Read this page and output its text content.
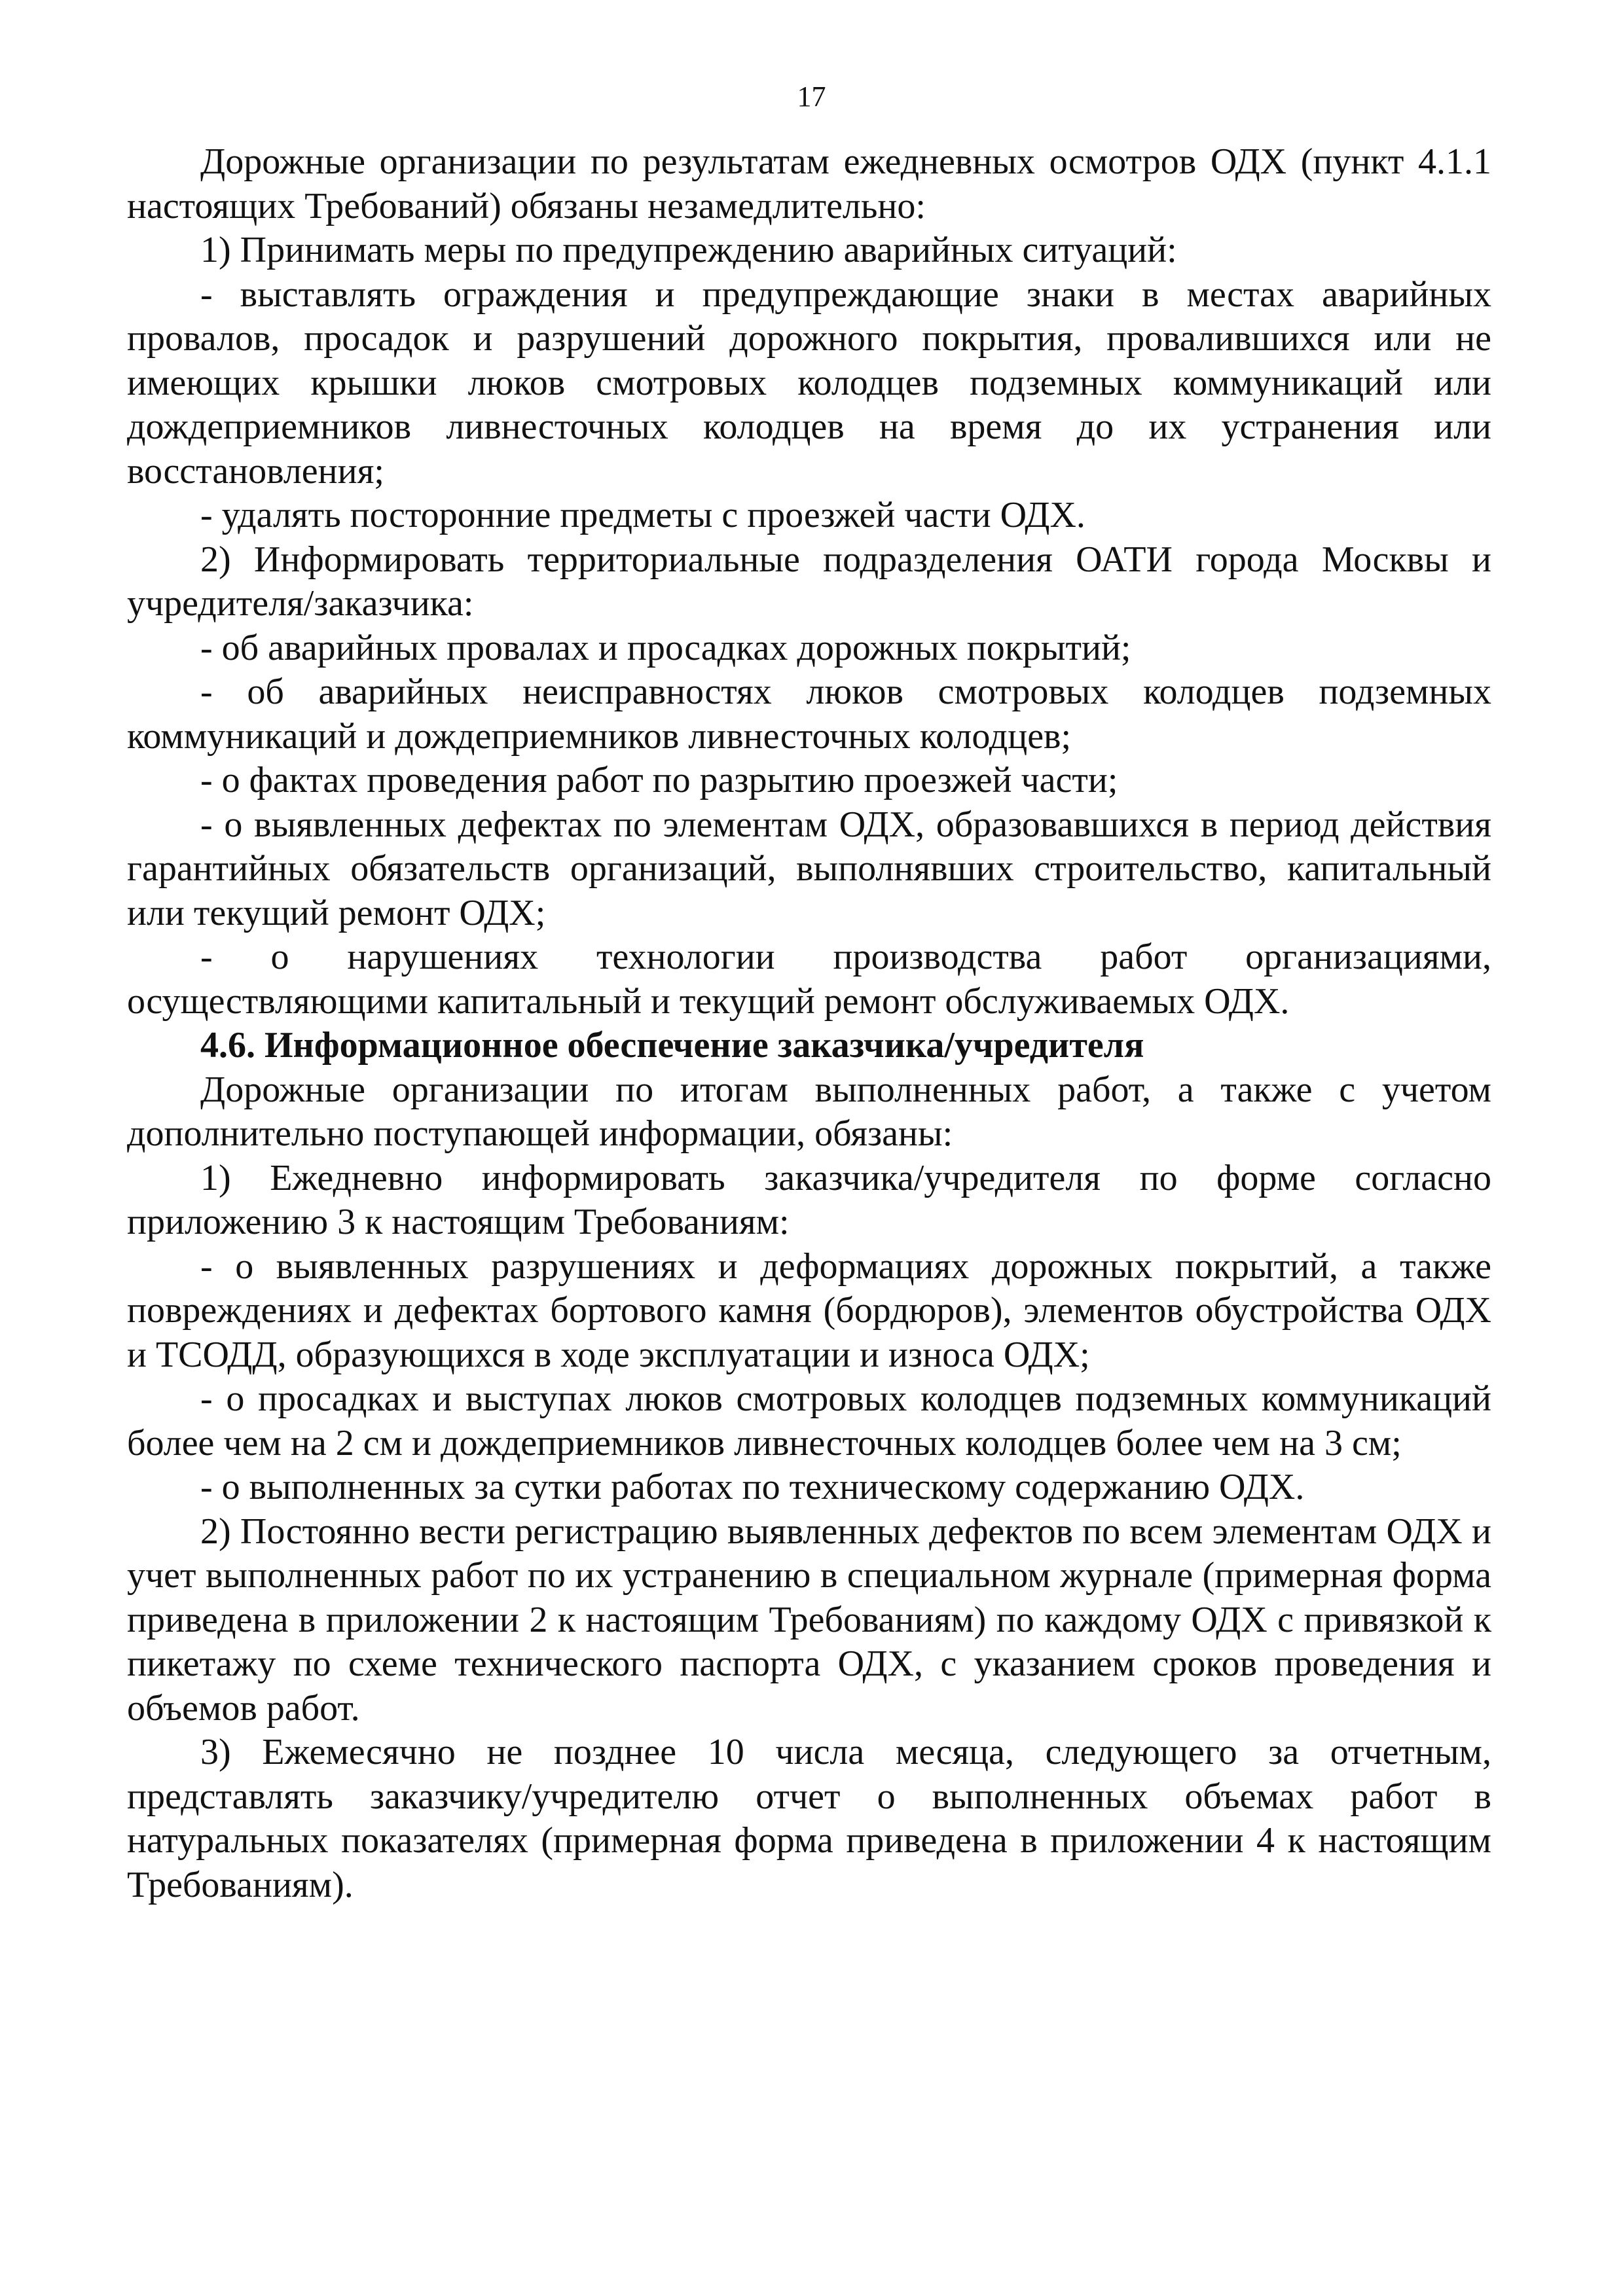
17

Дорожные организации по результатам ежедневных осмотров ОДХ (пункт 4.1.1 настоящих Требований) обязаны незамедлительно:

1) Принимать меры по предупреждению аварийных ситуаций:

- выставлять ограждения и предупреждающие знаки в местах аварийных провалов, просадок и разрушений дорожного покрытия, провалившихся или не имеющих крышки люков смотровых колодцев подземных коммуникаций или дождеприемников ливнесточных колодцев на время до их устранения или восстановления;

- удалять посторонние предметы с проезжей части ОДХ.

2) Информировать территориальные подразделения ОАТИ города Москвы и учредителя/заказчика:

- об аварийных провалах и просадках дорожных покрытий;

- об аварийных неисправностях люков смотровых колодцев подземных коммуникаций и дождеприемников ливнесточных колодцев;

- о фактах проведения работ по разрытию проезжей части;

- о выявленных дефектах по элементам ОДХ, образовавшихся в период действия гарантийных обязательств организаций, выполнявших строительство, капитальный или текущий ремонт ОДХ;

- о нарушениях технологии производства работ организациями, осуществляющими капитальный и текущий ремонт обслуживаемых ОДХ.

4.6. Информационное обеспечение заказчика/учредителя

Дорожные организации по итогам выполненных работ, а также с учетом дополнительно поступающей информации, обязаны:

1) Ежедневно информировать заказчика/учредителя по форме согласно приложению 3 к настоящим Требованиям:

- о выявленных разрушениях и деформациях дорожных покрытий, а также повреждениях и дефектах бортового камня (бордюров), элементов обустройства ОДХ и ТСОДД, образующихся в ходе эксплуатации и износа ОДХ;

- о просадках и выступах люков смотровых колодцев подземных коммуникаций более чем на 2 см и дождеприемников ливнесточных колодцев более чем на 3 см;

- о выполненных за сутки работах по техническому содержанию ОДХ.

2) Постоянно вести регистрацию выявленных дефектов по всем элементам ОДХ и учет выполненных работ по их устранению в специальном журнале (примерная форма приведена в приложении 2 к настоящим Требованиям) по каждому ОДХ с привязкой к пикетажу по схеме технического паспорта ОДХ, с указанием сроков проведения и объемов работ.

3) Ежемесячно не позднее 10 числа месяца, следующего за отчетным, представлять заказчику/учредителю отчет о выполненных объемах работ в натуральных показателях (примерная форма приведена в приложении 4 к настоящим Требованиям).
